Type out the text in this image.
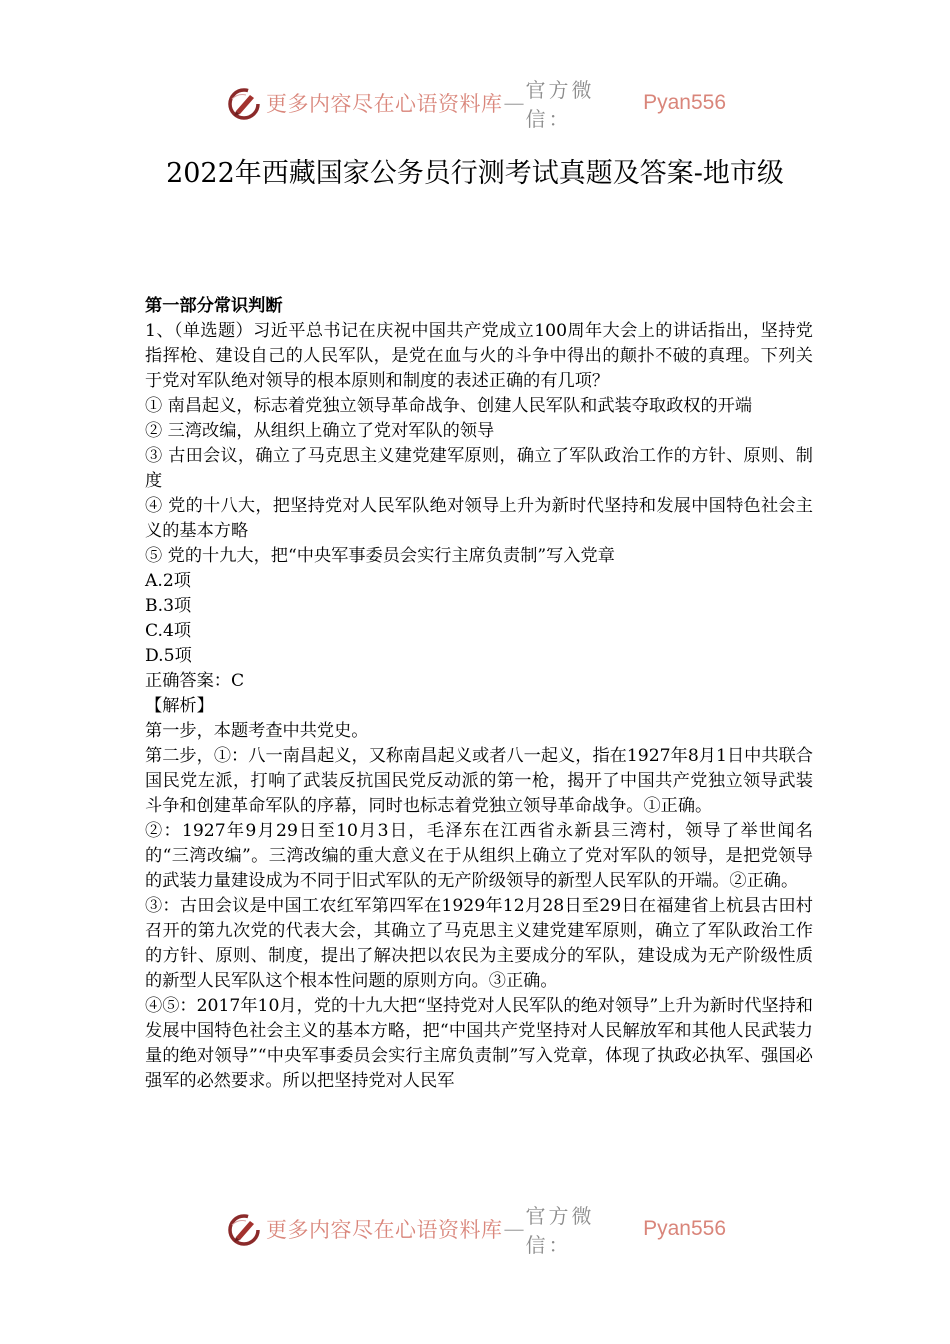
更多内容尽在心语资料库 —
官方微信：
Pyan556
2022年西藏国家公务员行测考试真题及答案-地市级

第一部分常识判断

1、（单选题）习近平总书记在庆祝中国共产党成立100周年大会上的讲话指出，坚持党指挥枪、建设自己的人民军队，是党在血与火的斗争中得出的颠扑不破的真理。下列关于党对军队绝对领导的根本原则和制度的表述正确的有几项？

① 南昌起义，标志着党独立领导革命战争、创建人民军队和武装夺取政权的开端

② 三湾改编，从组织上确立了党对军队的领导

③ 古田会议，确立了马克思主义建党建军原则，确立了军队政治工作的方针、原则、制度

④ 党的十八大，把坚持党对人民军队绝对领导上升为新时代坚持和发展中国特色社会主义的基本方略

⑤ 党的十九大，把“中央军事委员会实行主席负责制”写入党章

A.2项

B.3项

C.4项

D.5项

正确答案：C

【解析】

第一步，本题考查中共党史。

第二步，①：八一南昌起义，又称南昌起义或者八一起义，指在1927年8月1日中共联合国民党左派，打响了武装反抗国民党反动派的第一枪，揭开了中国共产党独立领导武装斗争和创建革命军队的序幕，同时也标志着党独立领导革命战争。①正确。

②：1927年9月29日至10月3日，毛泽东在江西省永新县三湾村，领导了举世闻名的“三湾改编”。三湾改编的重大意义在于从组织上确立了党对军队的领导，是把党领导的武装力量建设成为不同于旧式军队的无产阶级领导的新型人民军队的开端。②正确。

③：古田会议是中国工农红军第四军在1929年12月28日至29日在福建省上杭县古田村召开的第九次党的代表大会，其确立了马克思主义建党建军原则，确立了军队政治工作的方针、原则、制度，提出了解决把以农民为主要成分的军队，建设成为无产阶级性质的新型人民军队这个根本性问题的原则方向。③正确。

④⑤：2017年10月，党的十九大把“坚持党对人民军队的绝对领导”上升为新时代坚持和发展中国特色社会主义的基本方略，把“中国共产党坚持对人民解放军和其他人民武装力量的绝对领导”“中央军事委员会实行主席负责制”写入党章，体现了执政必执军、强国必强军的必然要求。所以把坚持党对人民军

更多内容尽在心语资料库 —
官方微信：
Pyan556
